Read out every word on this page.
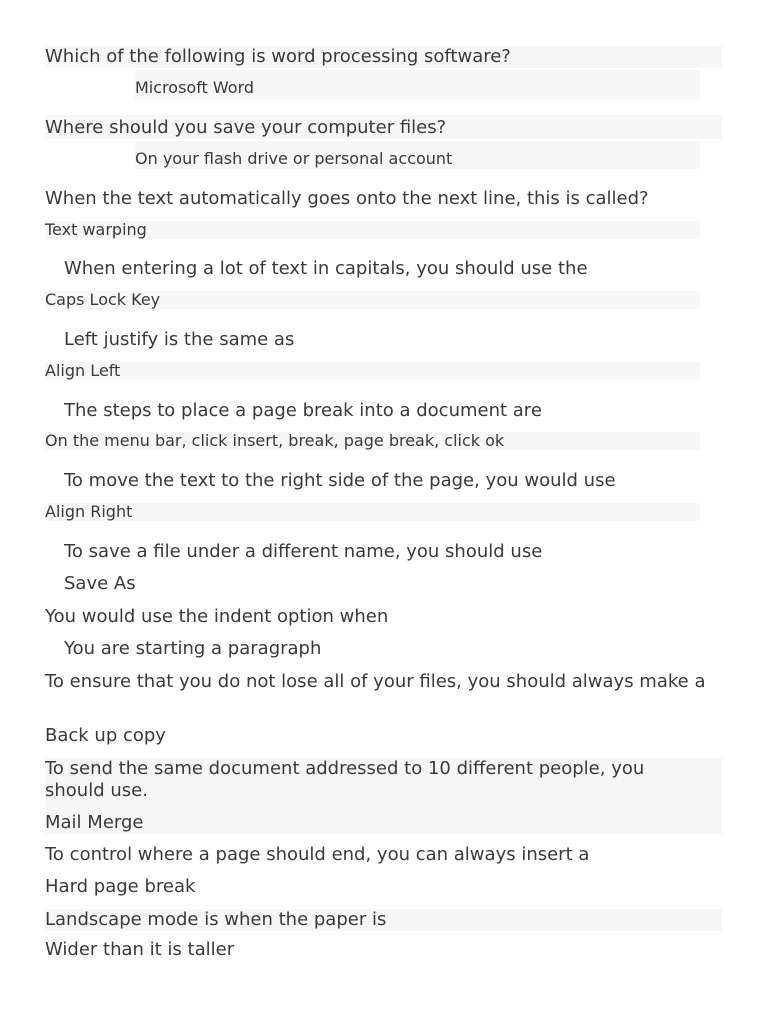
Which of the following is word processing software?
Microsoft Word
Where should you save your computer files?
On your flash drive or personal account
When the text automatically goes onto the next line, this is called?
Text warping
When entering a lot of text in capitals, you should use the
Caps Lock Key
Left justify is the same as
Align Left
The steps to place a page break into a document are
On the menu bar, click insert, break, page break, click ok
To move the text to the right side of the page, you would use
Align Right
To save a file under a different name, you should use
Save As
You would use the indent option when
You are starting a paragraph
To ensure that you do not lose all of your files, you should always make a
Back up copy
To send the same document addressed to 10 different people, you should use.
Mail Merge
To control where a page should end, you can always insert a
Hard page break
Landscape mode is when the paper is
Wider than it is taller
